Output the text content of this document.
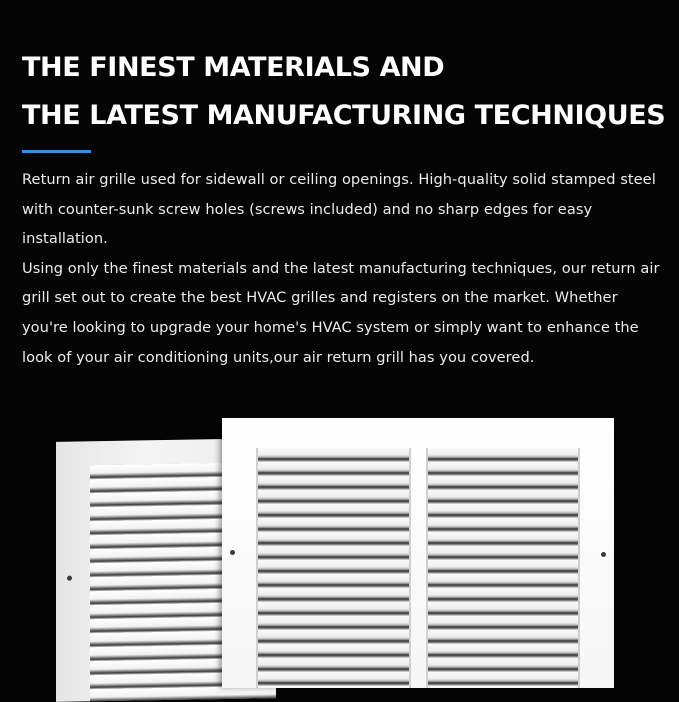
THE FINEST MATERIALS AND
THE LATEST MANUFACTURING TECHNIQUES

Return air grille used for sidewall or ceiling openings. High-quality solid stamped steel with counter-sunk screw holes (screws included) and no sharp edges for easy installation.

Using only the finest materials and the latest manufacturing techniques, our return air grill set out to create the best HVAC grilles and registers on the market. Whether you're looking to upgrade your home's HVAC system or simply want to enhance the look of your air conditioning units,our air return grill has you covered.
